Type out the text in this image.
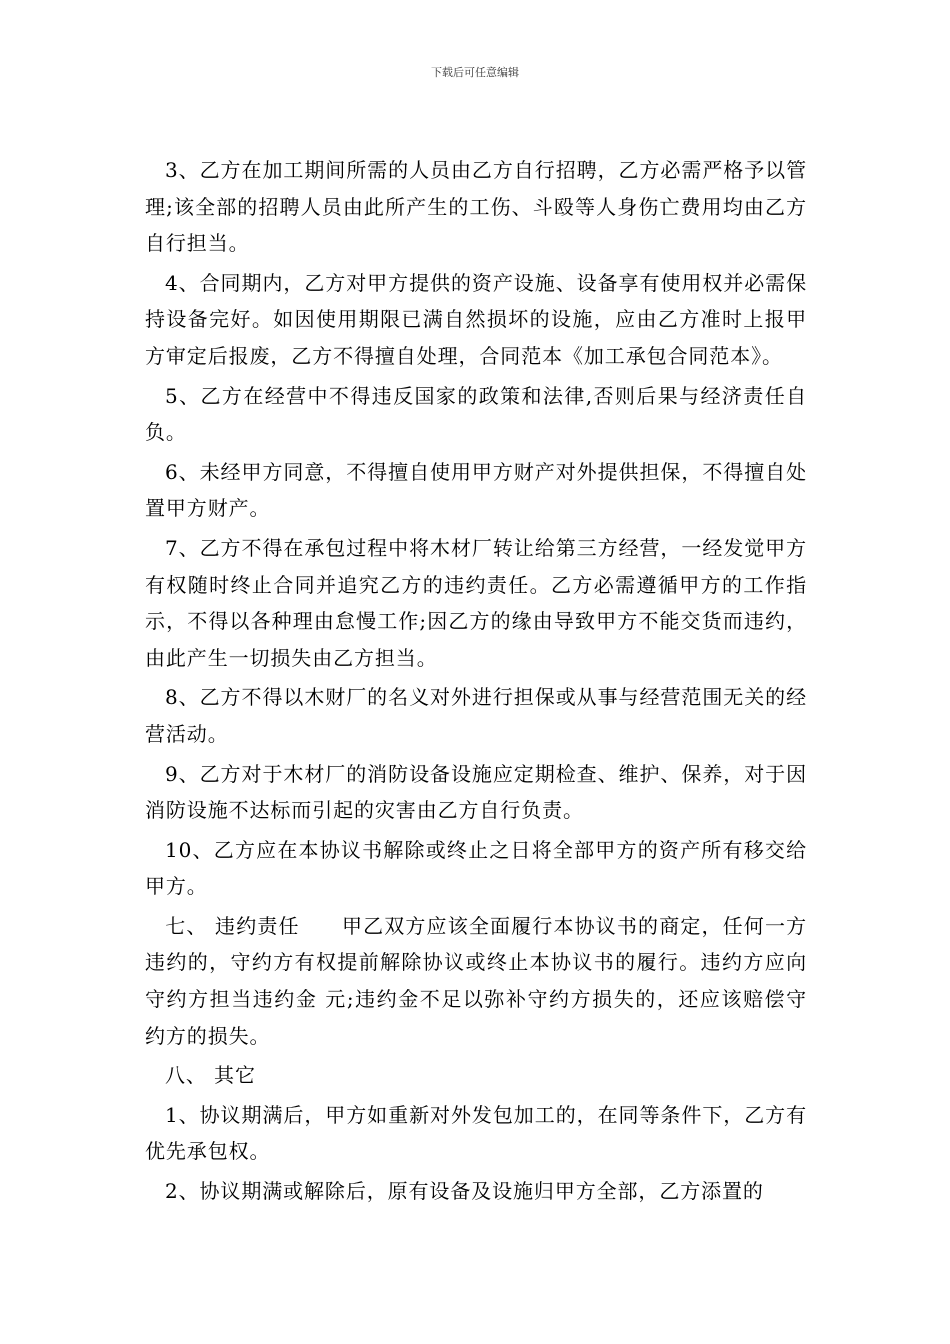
下载后可任意编辑

3、乙方在加工期间所需的人员由乙方自行招聘，乙方必需严格予以管理;该全部的招聘人员由此所产生的工伤、斗殴等人身伤亡费用均由乙方自行担当。

4、合同期内，乙方对甲方提供的资产设施、设备享有使用权并必需保持设备完好。如因使用期限已满自然损坏的设施，应由乙方准时上报甲方审定后报废，乙方不得擅自处理，合同范本《加工承包合同范本》。

5、乙方在经营中不得违反国家的政策和法律,否则后果与经济责任自负。

6、未经甲方同意，不得擅自使用甲方财产对外提供担保，不得擅自处置甲方财产。

7、乙方不得在承包过程中将木材厂转让给第三方经营，一经发觉甲方有权随时终止合同并追究乙方的违约责任。乙方必需遵循甲方的工作指示，不得以各种理由怠慢工作;因乙方的缘由导致甲方不能交货而违约，由此产生一切损失由乙方担当。

8、乙方不得以木财厂的名义对外进行担保或从事与经营范围无关的经营活动。

9、乙方对于木材厂的消防设备设施应定期检查、维护、保养，对于因消防设施不达标而引起的灾害由乙方自行负责。

10、乙方应在本协议书解除或终止之日将全部甲方的资产所有移交给甲方。

七、 违约责任　　甲乙双方应该全面履行本协议书的商定，任何一方违约的，守约方有权提前解除协议或终止本协议书的履行。违约方应向守约方担当违约金 元;违约金不足以弥补守约方损失的，还应该赔偿守约方的损失。

八、 其它

1、协议期满后，甲方如重新对外发包加工的，在同等条件下，乙方有优先承包权。

2、协议期满或解除后，原有设备及设施归甲方全部，乙方添置的
